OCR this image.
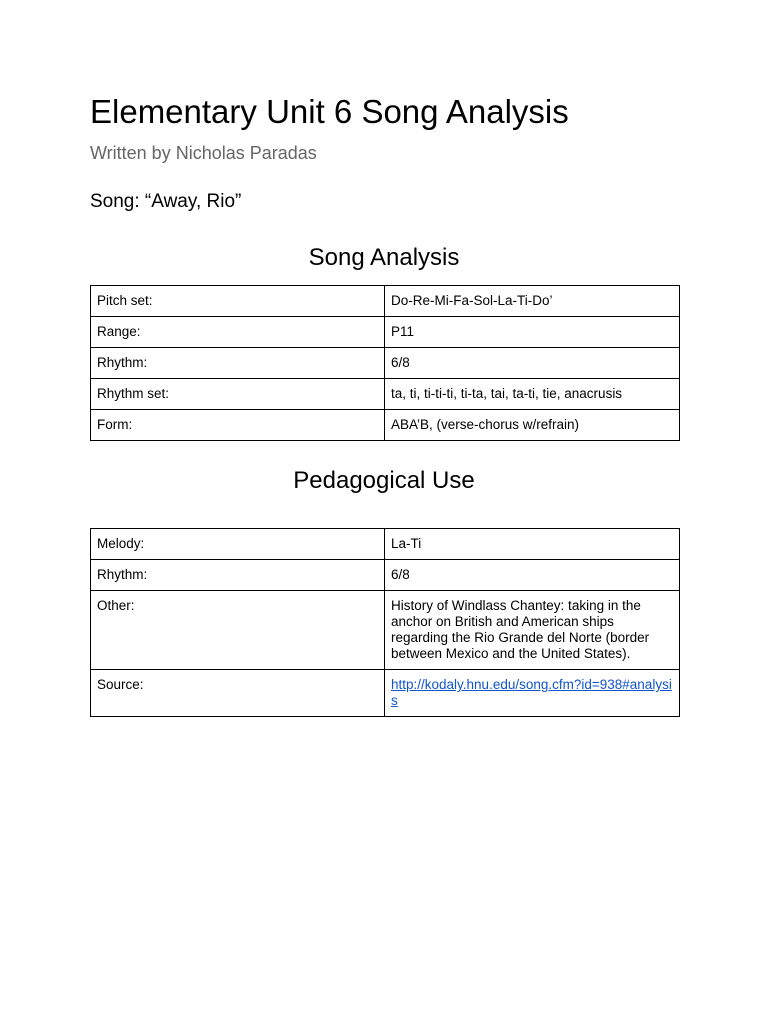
Elementary Unit 6 Song Analysis

Written by Nicholas Paradas

Song: “Away, Rio”

Song Analysis
Pitch set:	Do-Re-Mi-Fa-Sol-La-Ti-Do’
Range:	P11
Rhythm:	6/8
Rhythm set:	ta, ti, ti-ti-ti, ti-ta, tai, ta-ti, tie, anacrusis
Form:	ABA’B, (verse-chorus w/refrain)
Pedagogical Use
Melody:	La-Ti
Rhythm:	6/8
Other:	History of Windlass Chantey: taking in the anchor on British and American ships regarding the Rio Grande del Norte (border between Mexico and the United States).
Source:	http://kodaly.hnu.edu/song.cfm?id=938#analysis
